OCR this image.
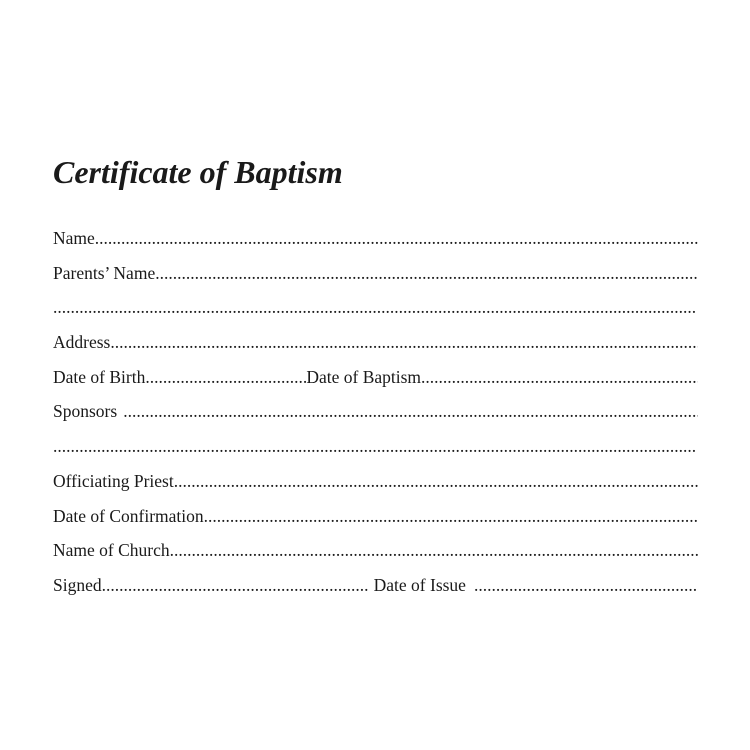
Certificate of Baptism
Name
.....
Parents’ Name
.....
.....
Address
.....
Date of Birth .....	Date of Baptism
.....
Sponsors
.....
.....
Officiating Priest
.....
Date of Confirmation
.....
Name of Church
.....
Signed .....	Date of Issue
.....
